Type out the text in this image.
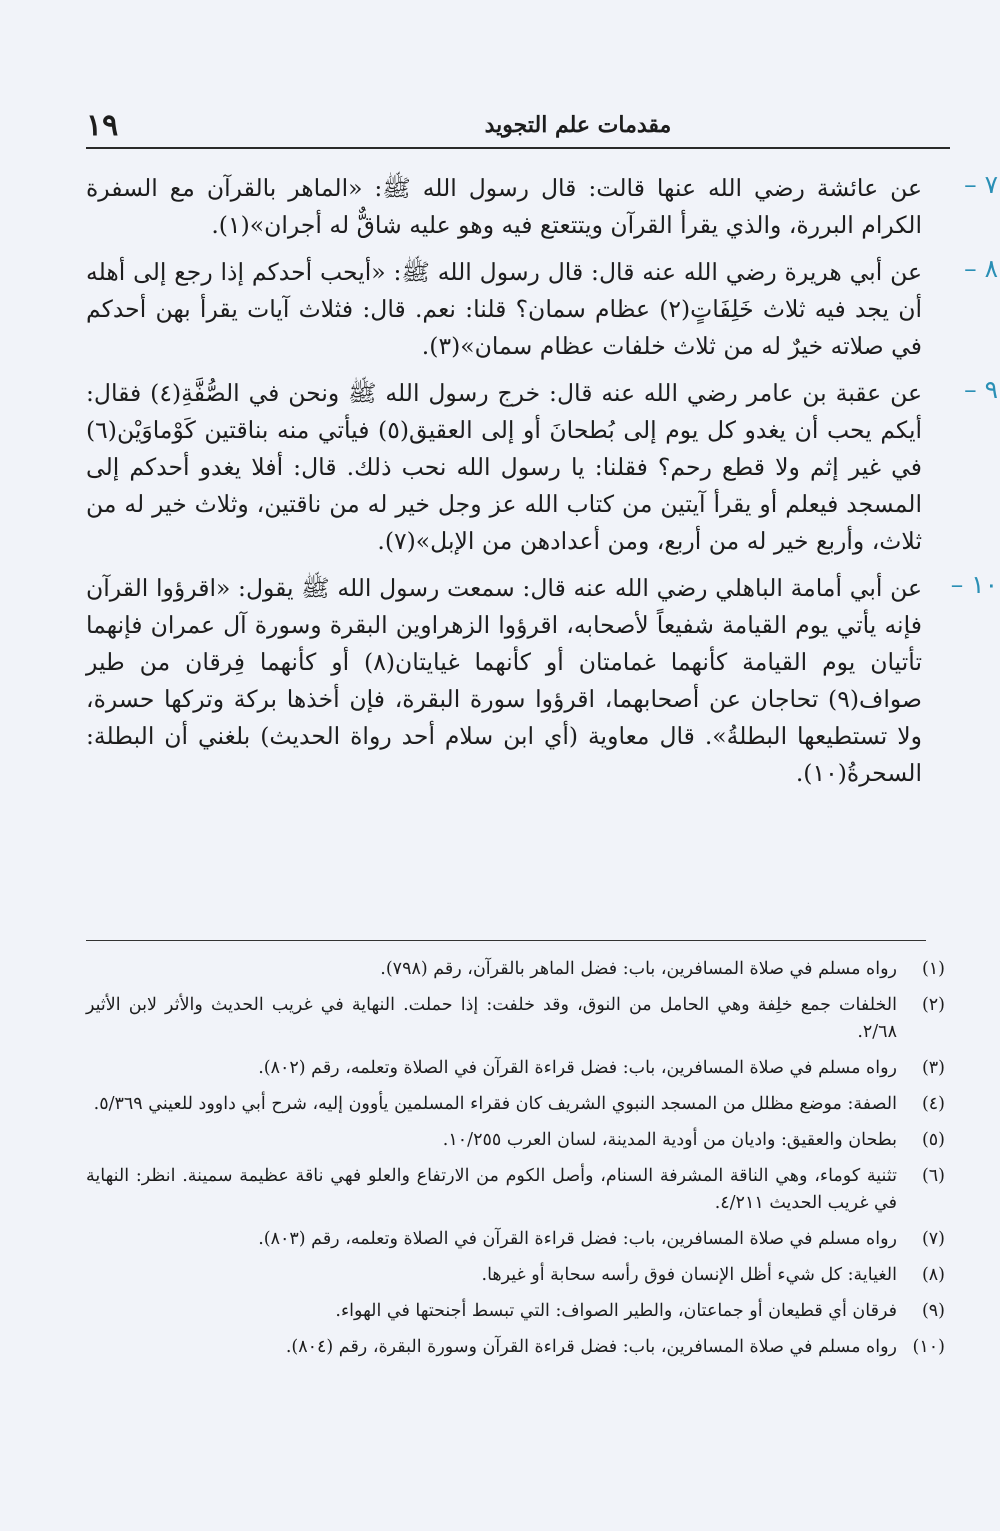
مقدمات علم التجويد
١٩
٧ –

عن عائشة رضي الله عنها قالت: قال رسول الله ﷺ: «الماهر بالقرآن مع السفرة الكرام البررة، والذي يقرأ القرآن ويتتعتع فيه وهو عليه شاقٌّ له أجران»(١).

٨ –

عن أبي هريرة رضي الله عنه قال: قال رسول الله ﷺ: «أيحب أحدكم إذا رجع إلى أهله أن يجد فيه ثلاث خَلِفَاتٍ(٢) عظام سمان؟ قلنا: نعم. قال: فثلاث آيات يقرأ بهن أحدكم في صلاته خيرٌ له من ثلاث خلفات عظام سمان»(٣).

٩ –

عن عقبة بن عامر رضي الله عنه قال: خرج رسول الله ﷺ ونحن في الصُّفَّةِ(٤) فقال: أيكم يحب أن يغدو كل يوم إلى بُطحانَ أو إلى العقيق(٥) فيأتي منه بناقتين كَوْماوَيْن(٦) في غير إثم ولا قطع رحم؟ فقلنا: يا رسول الله نحب ذلك. قال: أفلا يغدو أحدكم إلى المسجد فيعلم أو يقرأ آيتين من كتاب الله عز وجل خير له من ناقتين، وثلاث خير له من ثلاث، وأربع خير له من أربع، ومن أعدادهن من الإبل»(٧).

١٠ –

عن أبي أمامة الباهلي رضي الله عنه قال: سمعت رسول الله ﷺ يقول: «اقرؤوا القرآن فإنه يأتي يوم القيامة شفيعاً لأصحابه، اقرؤوا الزهراوين البقرة وسورة آل عمران فإنهما تأتيان يوم القيامة كأنهما غمامتان أو كأنهما غيايتان(٨) أو كأنهما فِرقان من طير صواف(٩) تحاجان عن أصحابهما، اقرؤوا سورة البقرة، فإن أخذها بركة وتركها حسرة، ولا تستطيعها البطلةُ». قال معاوية (أي ابن سلام أحد رواة الحديث) بلغني أن البطلة: السحرةُ(١٠).

(١)
رواه مسلم في صلاة المسافرين، باب: فضل الماهر بالقرآن، رقم (٧٩٨).
(٢)
الخلفات جمع خلِفة وهي الحامل من النوق، وقد خلفت: إذا حملت. النهاية في غريب الحديث والأثر لابن الأثير ٢/٦٨.
(٣)
رواه مسلم في صلاة المسافرين، باب: فضل قراءة القرآن في الصلاة وتعلمه، رقم (٨٠٢).
(٤)
الصفة: موضع مظلل من المسجد النبوي الشريف كان فقراء المسلمين يأوون إليه، شرح أبي داوود للعيني ٥/٣٦٩.
(٥)
بطحان والعقيق: واديان من أودية المدينة، لسان العرب ١٠/٢٥٥.
(٦)
تثنية كوماء، وهي الناقة المشرفة السنام، وأصل الكوم من الارتفاع والعلو فهي ناقة عظيمة سمينة. انظر: النهاية في غريب الحديث ٤/٢١١.
(٧)
رواه مسلم في صلاة المسافرين، باب: فضل قراءة القرآن في الصلاة وتعلمه، رقم (٨٠٣).
(٨)
الغياية: كل شيء أظل الإنسان فوق رأسه سحابة أو غيرها.
(٩)
فرقان أي قطيعان أو جماعتان، والطير الصواف: التي تبسط أجنحتها في الهواء.
(١٠)
رواه مسلم في صلاة المسافرين، باب: فضل قراءة القرآن وسورة البقرة، رقم (٨٠٤).
